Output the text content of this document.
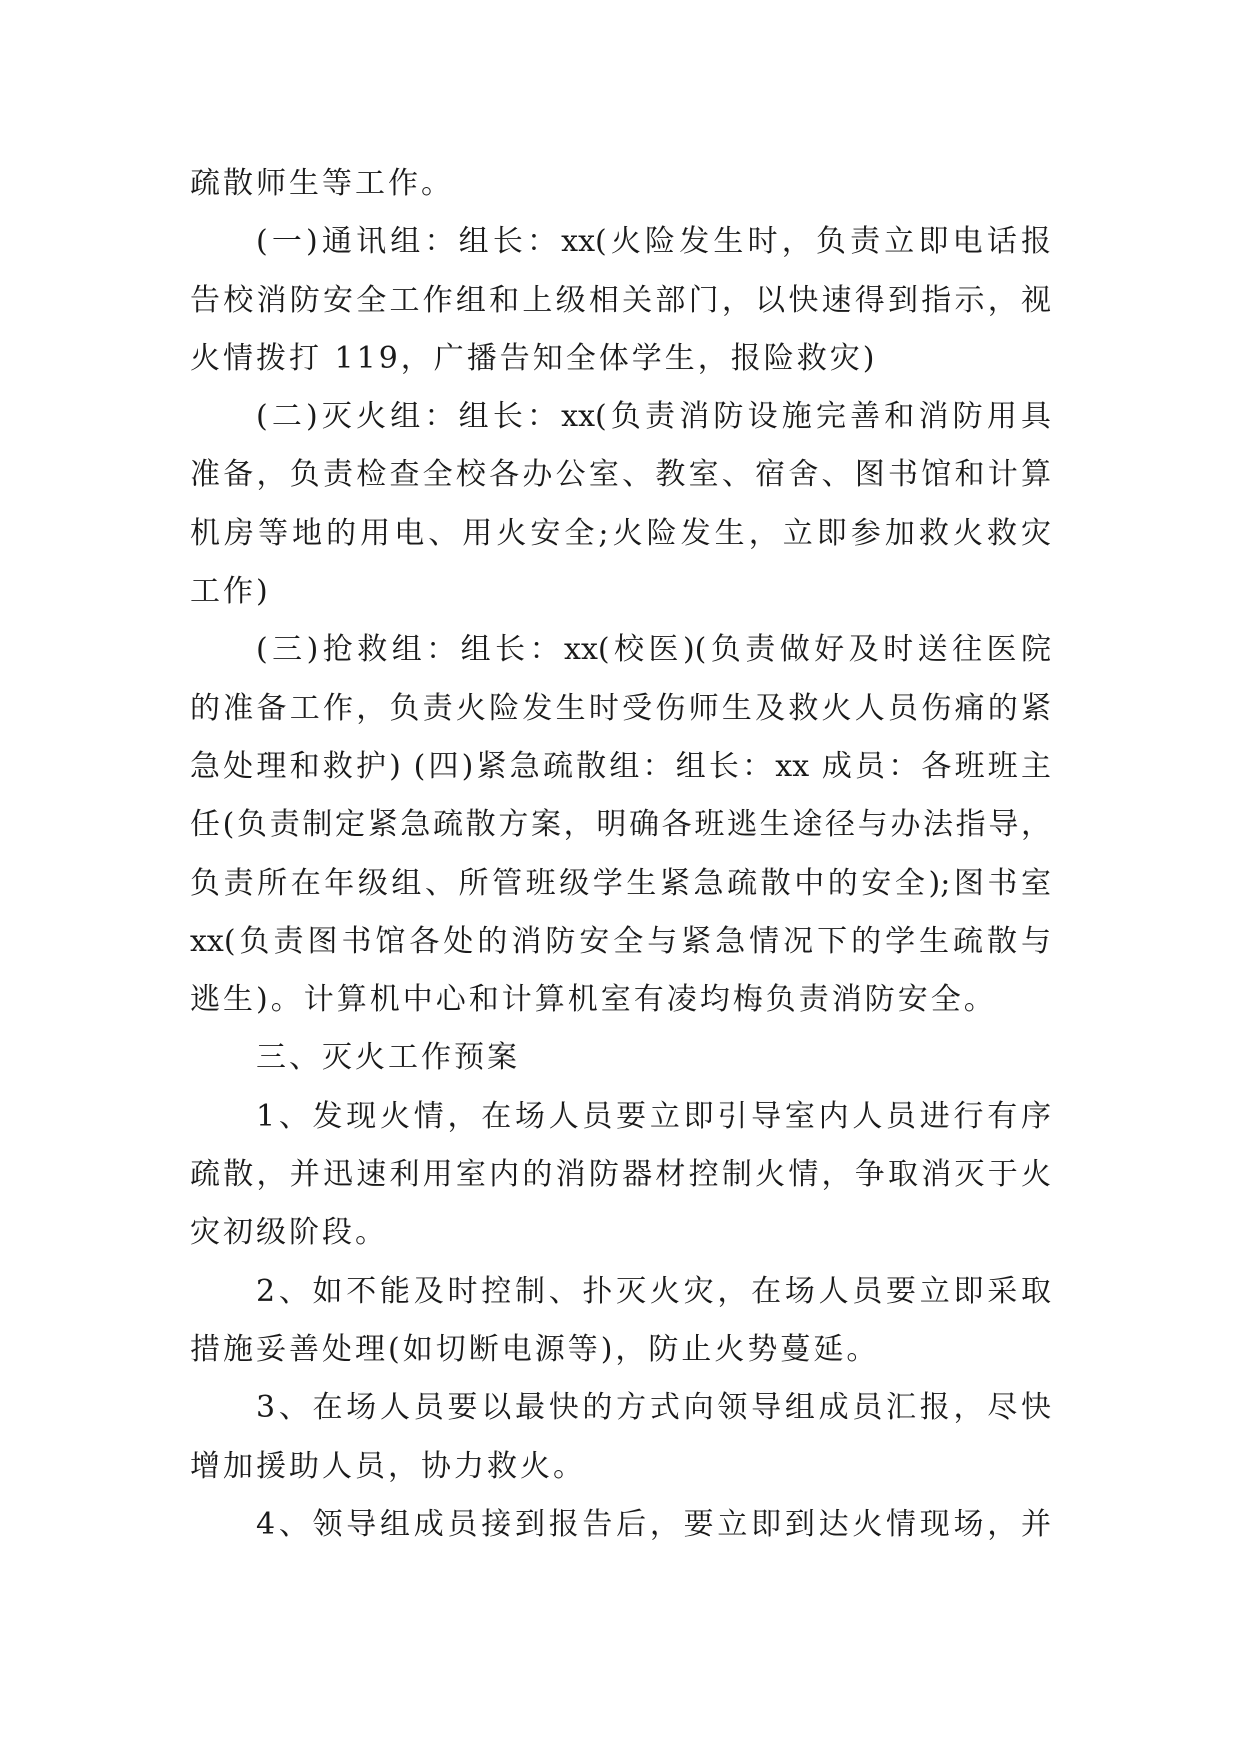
疏散师生等工作。
(一)通讯组：组长：xx(火险发生时，负责立即电话报
告校消防安全工作组和上级相关部门，以快速得到指示，视
火情拨打 119，广播告知全体学生，报险救灾)
(二)灭火组：组长：xx(负责消防设施完善和消防用具
准备，负责检查全校各办公室、教室、宿舍、图书馆和计算
机房等地的用电、用火安全;火险发生，立即参加救火救灾
工作)
(三)抢救组：组长：xx(校医)(负责做好及时送往医院
的准备工作，负责火险发生时受伤师生及救火人员伤痛的紧
急处理和救护) (四)紧急疏散组：组长：xx 成员：各班班主
任(负责制定紧急疏散方案，明确各班逃生途径与办法指导，
负责所在年级组、所管班级学生紧急疏散中的安全);图书室
xx(负责图书馆各处的消防安全与紧急情况下的学生疏散与
逃生)。计算机中心和计算机室有凌均梅负责消防安全。
三、灭火工作预案
1、发现火情，在场人员要立即引导室内人员进行有序
疏散，并迅速利用室内的消防器材控制火情，争取消灭于火
灾初级阶段。
2、如不能及时控制、扑灭火灾，在场人员要立即采取
措施妥善处理(如切断电源等)，防止火势蔓延。
3、在场人员要以最快的方式向领导组成员汇报，尽快
增加援助人员，协力救火。
4、领导组成员接到报告后，要立即到达火情现场，并
